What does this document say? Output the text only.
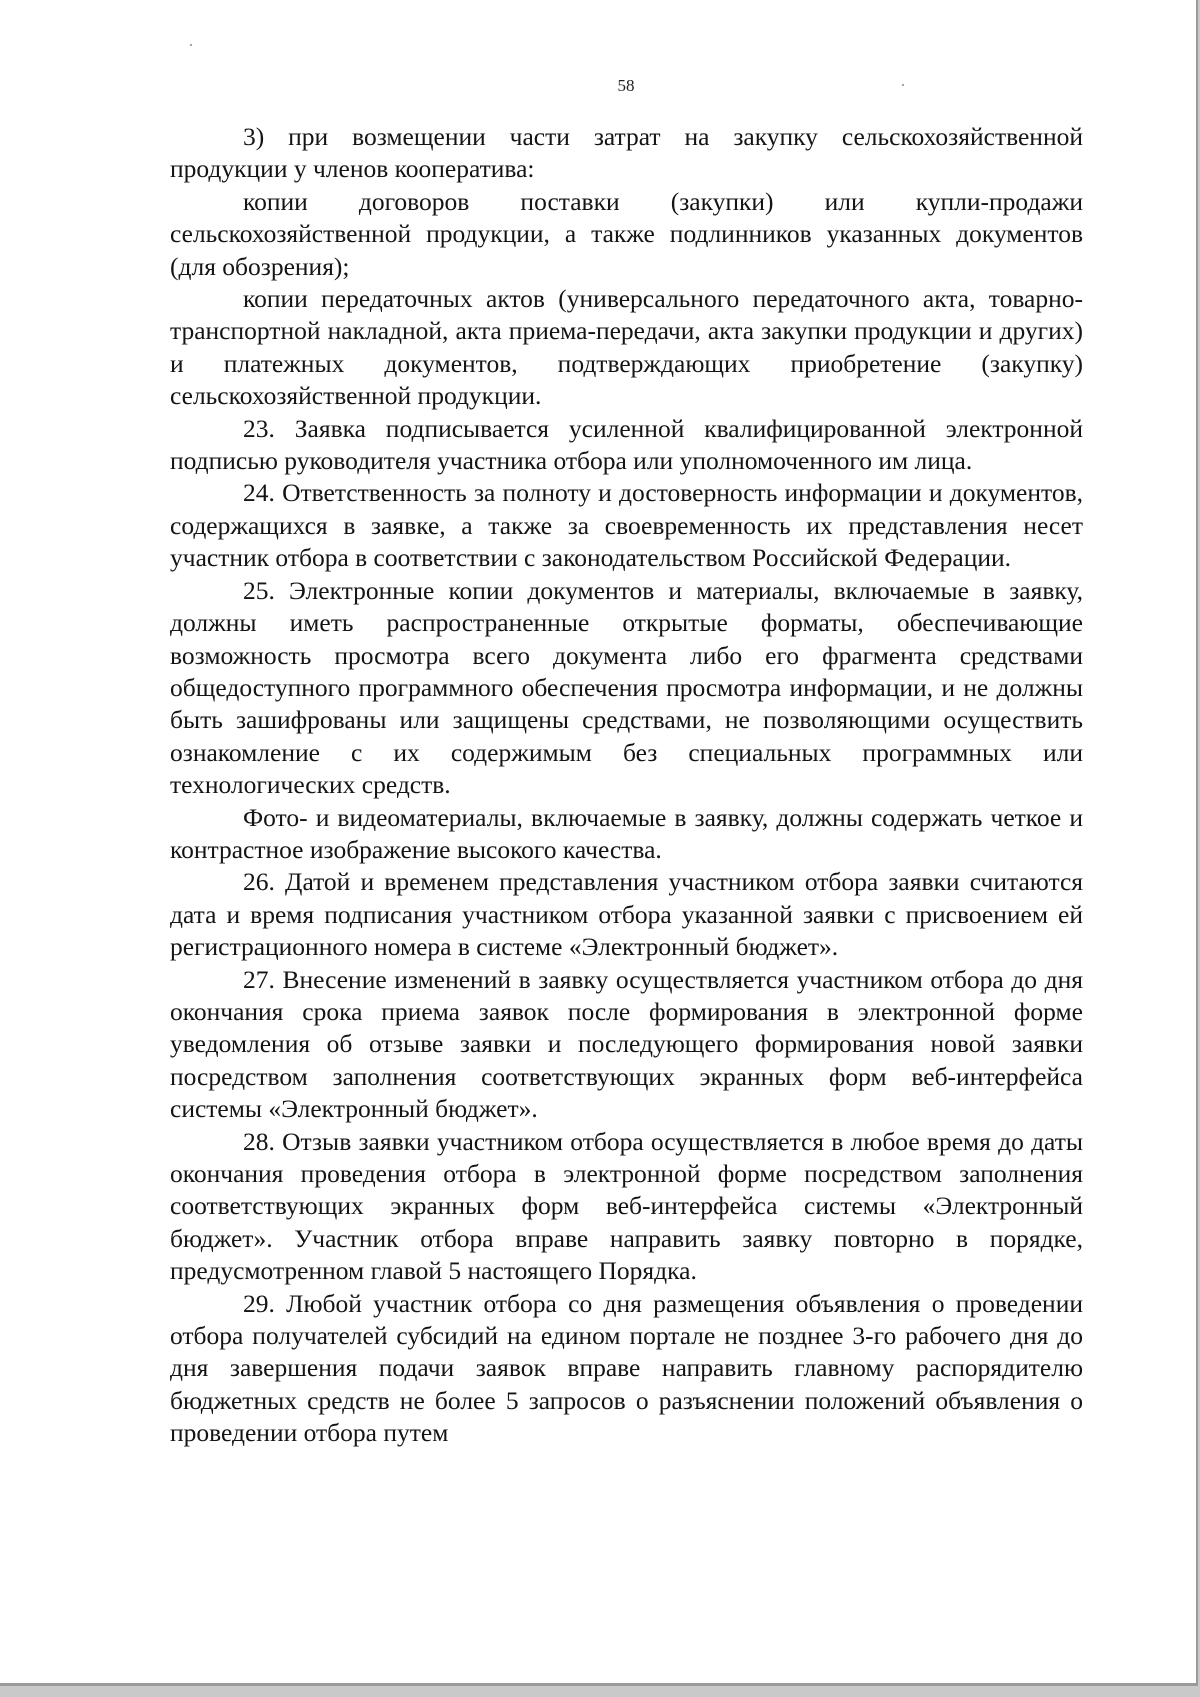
58

3) при возмещении части затрат на закупку сельскохозяйственной продукции у членов кооператива:

копии договоров поставки (закупки) или купли-продажи сельскохозяйственной продукции, а также подлинников указанных документов (для обозрения);

копии передаточных актов (универсального передаточного акта, товарно-транспортной накладной, акта приема-передачи, акта закупки продукции и других) и платежных документов, подтверждающих приобретение (закупку) сельскохозяйственной продукции.

23. Заявка подписывается усиленной квалифицированной электронной подписью руководителя участника отбора или уполномоченного им лица.

24. Ответственность за полноту и достоверность информации и документов, содержащихся в заявке, а также за своевременность их представления несет участник отбора в соответствии с законодательством Российской Федерации.

25. Электронные копии документов и материалы, включаемые в заявку, должны иметь распространенные открытые форматы, обеспечивающие возможность просмотра всего документа либо его фрагмента средствами общедоступного программного обеспечения просмотра информации, и не должны быть зашифрованы или защищены средствами, не позволяющими осуществить ознакомление с их содержимым без специальных программных или технологических средств.

Фото- и видеоматериалы, включаемые в заявку, должны содержать четкое и контрастное изображение высокого качества.

26. Датой и временем представления участником отбора заявки считаются дата и время подписания участником отбора указанной заявки с присвоением ей регистрационного номера в системе «Электронный бюджет».

27. Внесение изменений в заявку осуществляется участником отбора до дня окончания срока приема заявок после формирования в электронной форме уведомления об отзыве заявки и последующего формирования новой заявки посредством заполнения соответствующих экранных форм веб-интерфейса системы «Электронный бюджет».

28. Отзыв заявки участником отбора осуществляется в любое время до даты окончания проведения отбора в электронной форме посредством заполнения соответствующих экранных форм веб-интерфейса системы «Электронный бюджет». Участник отбора вправе направить заявку повторно в порядке, предусмотренном главой 5 настоящего Порядка.

29. Любой участник отбора со дня размещения объявления о проведении отбора получателей субсидий на едином портале не позднее 3-го рабочего дня до дня завершения подачи заявок вправе направить главному распорядителю бюджетных средств не более 5 запросов о разъяснении положений объявления о проведении отбора путем
